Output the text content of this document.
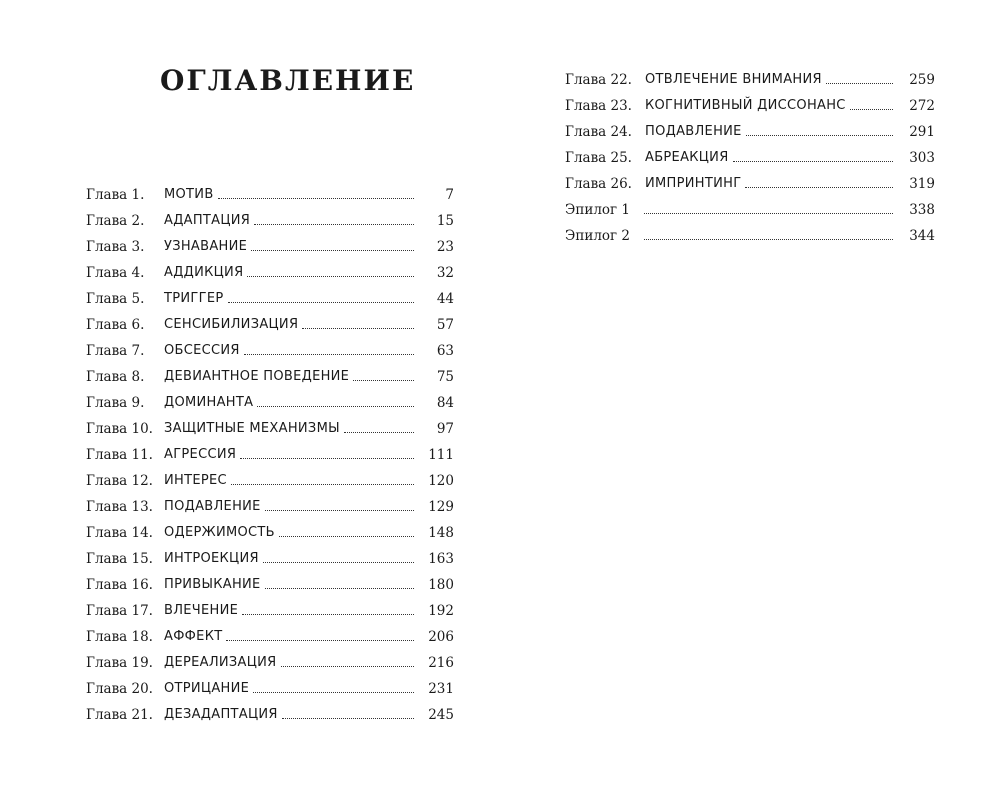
ОГЛАВЛЕНИЕ
Глава 1. МОТИВ	7
Глава 2. АДАПТАЦИЯ	15
Глава 3. УЗНАВАНИЕ	23
Глава 4. АДДИКЦИЯ	32
Глава 5. ТРИГГЕР	44
Глава 6. СЕНСИБИЛИЗАЦИЯ	57
Глава 7. ОБСЕССИЯ	63
Глава 8. ДЕВИАНТНОЕ ПОВЕДЕНИЕ	75
Глава 9. ДОМИНАНТА	84
Глава 10. ЗАЩИТНЫЕ МЕХАНИЗМЫ	97
Глава 11. АГРЕССИЯ	111
Глава 12. ИНТЕРЕС	120
Глава 13. ПОДАВЛЕНИЕ	129
Глава 14. ОДЕРЖИМОСТЬ	148
Глава 15. ИНТРОЕКЦИЯ	163
Глава 16. ПРИВЫКАНИЕ	180
Глава 17. ВЛЕЧЕНИЕ	192
Глава 18. АФФЕКТ	206
Глава 19. ДЕРЕАЛИЗАЦИЯ	216
Глава 20. ОТРИЦАНИЕ	231
Глава 21. ДЕЗАДАПТАЦИЯ	245
Глава 22. ОТВЛЕЧЕНИЕ ВНИМАНИЯ	259
Глава 23. КОГНИТИВНЫЙ ДИССОНАНС	272
Глава 24. ПОДАВЛЕНИЕ	291
Глава 25. АБРЕАКЦИЯ	303
Глава 26. ИМПРИНТИНГ	319
Эпилог 1	338
Эпилог 2	344
